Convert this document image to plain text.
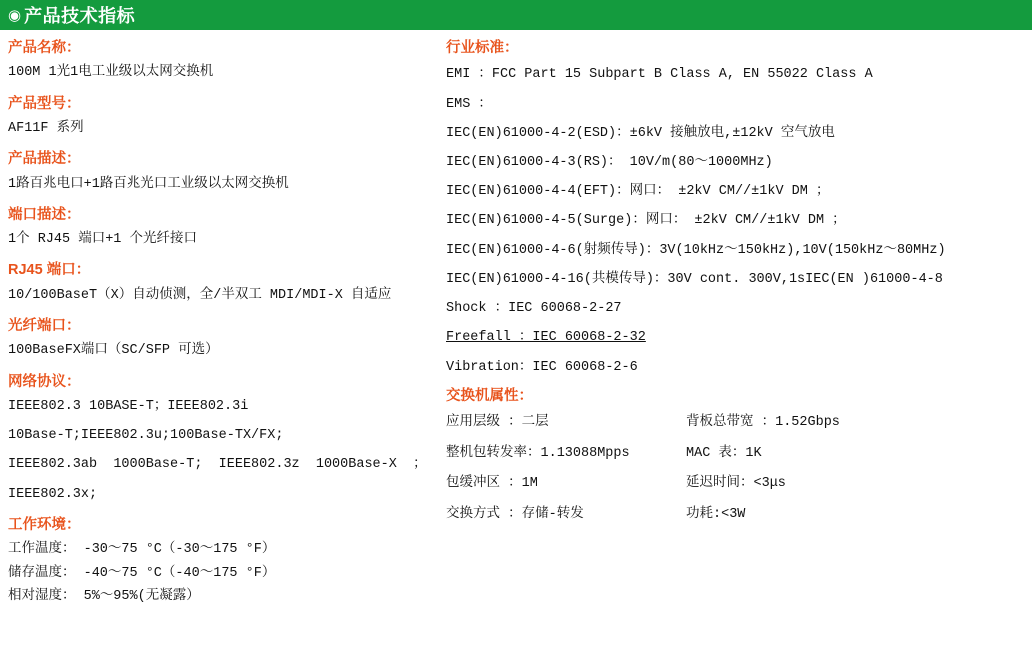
◉ 产品技术指标
产品名称：
100M 1光1电工业级以太网交换机
产品型号：
AF11F 系列
产品描述：
1路百兆电口+1路百兆光口工业级以太网交换机
端口描述：
1个 RJ45 端口+1 个光纤接口
RJ45 端口：
10/100BaseT（X）自动侦测，全/半双工 MDI/MDI-X 自适应
光纤端口：
100BaseFX端口（SC/SFP 可选）
网络协议：
IEEE802.3 10BASE-T；IEEE802.3i
10Base-T;IEEE802.3u;100Base-TX/FX;
IEEE802.3ab  1000Base-T;  IEEE802.3z  1000Base-X  ；
IEEE802.3x;
工作环境：
工作温度： -30～75 °C（-30～175 °F）
储存温度： -40～75 °C（-40～175 °F）
相对湿度： 5%～95%(无凝露）
行业标准：
EMI ：FCC Part 15 Subpart B Class A, EN 55022 Class A
EMS ：
IEC(EN)61000-4-2(ESD)：±6kV 接触放电,±12kV 空气放电
IEC(EN)61000-4-3(RS)： 10V/m(80～1000MHz)
IEC(EN)61000-4-4(EFT)：网口： ±2kV CM//±1kV DM ；
IEC(EN)61000-4-5(Surge)：网口： ±2kV CM//±1kV DM ；
IEC(EN)61000-4-6(射频传导)：3V(10kHz～150kHz),10V(150kHz～80MHz)
IEC(EN)61000-4-16(共模传导)：30V cont. 300V,1sIEC(EN )61000-4-8
Shock ：IEC 60068-2-27
Freefall ：IEC 60068-2-32
Vibration：IEC 60068-2-6
交换机属性：
应用层级 ：二层	背板总带宽 ：1.52Gbps
整机包转发率：1.13088Mpps	MAC 表：1K
包缓冲区 ：1M	延迟时间：<3μs
交换方式 ：存储-转发	功耗:<3W
